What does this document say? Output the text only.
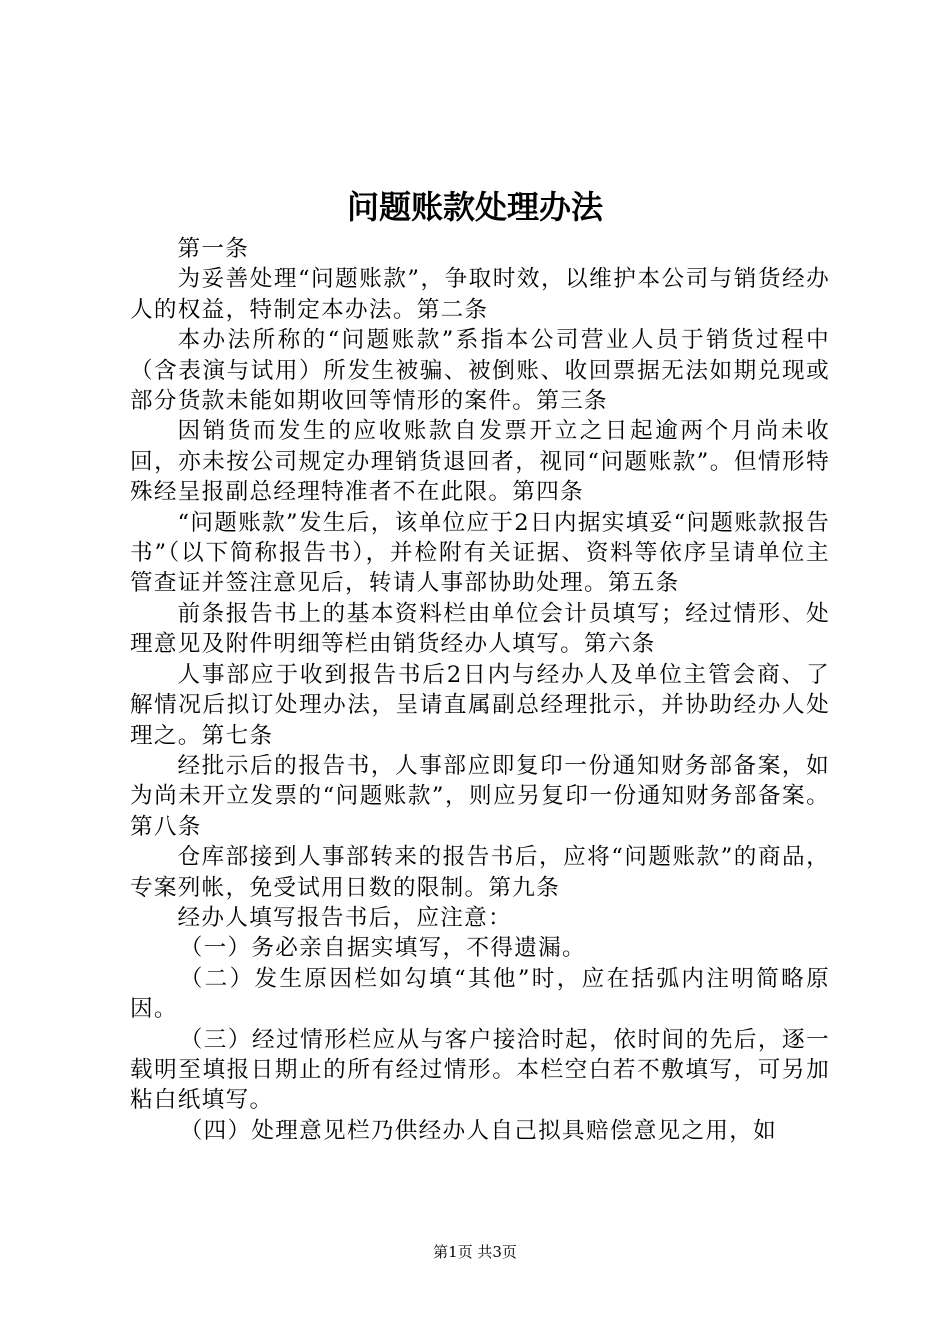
问题账款处理办法

第一条

为妥善处理“问题账款”，争取时效，以维护本公司与销货经办人的权益，特制定本办法。第二条

本办法所称的“问题账款”系指本公司营业人员于销货过程中（含表演与试用）所发生被骗、被倒账、收回票据无法如期兑现或部分货款未能如期收回等情形的案件。第三条

因销货而发生的应收账款自发票开立之日起逾两个月尚未收回，亦未按公司规定办理销货退回者，视同“问题账款”。但情形特殊经呈报副总经理特准者不在此限。第四条

“问题账款”发生后，该单位应于2日内据实填妥“问题账款报告书”（以下简称报告书），并检附有关证据、资料等依序呈请单位主管查证并签注意见后，转请人事部协助处理。第五条

前条报告书上的基本资料栏由单位会计员填写；经过情形、处理意见及附件明细等栏由销货经办人填写。第六条

人事部应于收到报告书后2日内与经办人及单位主管会商、了解情况后拟订处理办法，呈请直属副总经理批示，并协助经办人处理之。第七条

经批示后的报告书，人事部应即复印一份通知财务部备案，如为尚未开立发票的“问题账款”，则应另复印一份通知财务部备案。第八条

仓库部接到人事部转来的报告书后，应将“问题账款”的商品，专案列帐，免受试用日数的限制。第九条

经办人填写报告书后，应注意：

（一）务必亲自据实填写，不得遗漏。

（二）发生原因栏如勾填“其他”时，应在括弧内注明简略原因。

（三）经过情形栏应从与客户接洽时起，依时间的先后，逐一载明至填报日期止的所有经过情形。本栏空白若不敷填写，可另加粘白纸填写。

（四）处理意见栏乃供经办人自己拟具赔偿意见之用，如

第1页 共3页
